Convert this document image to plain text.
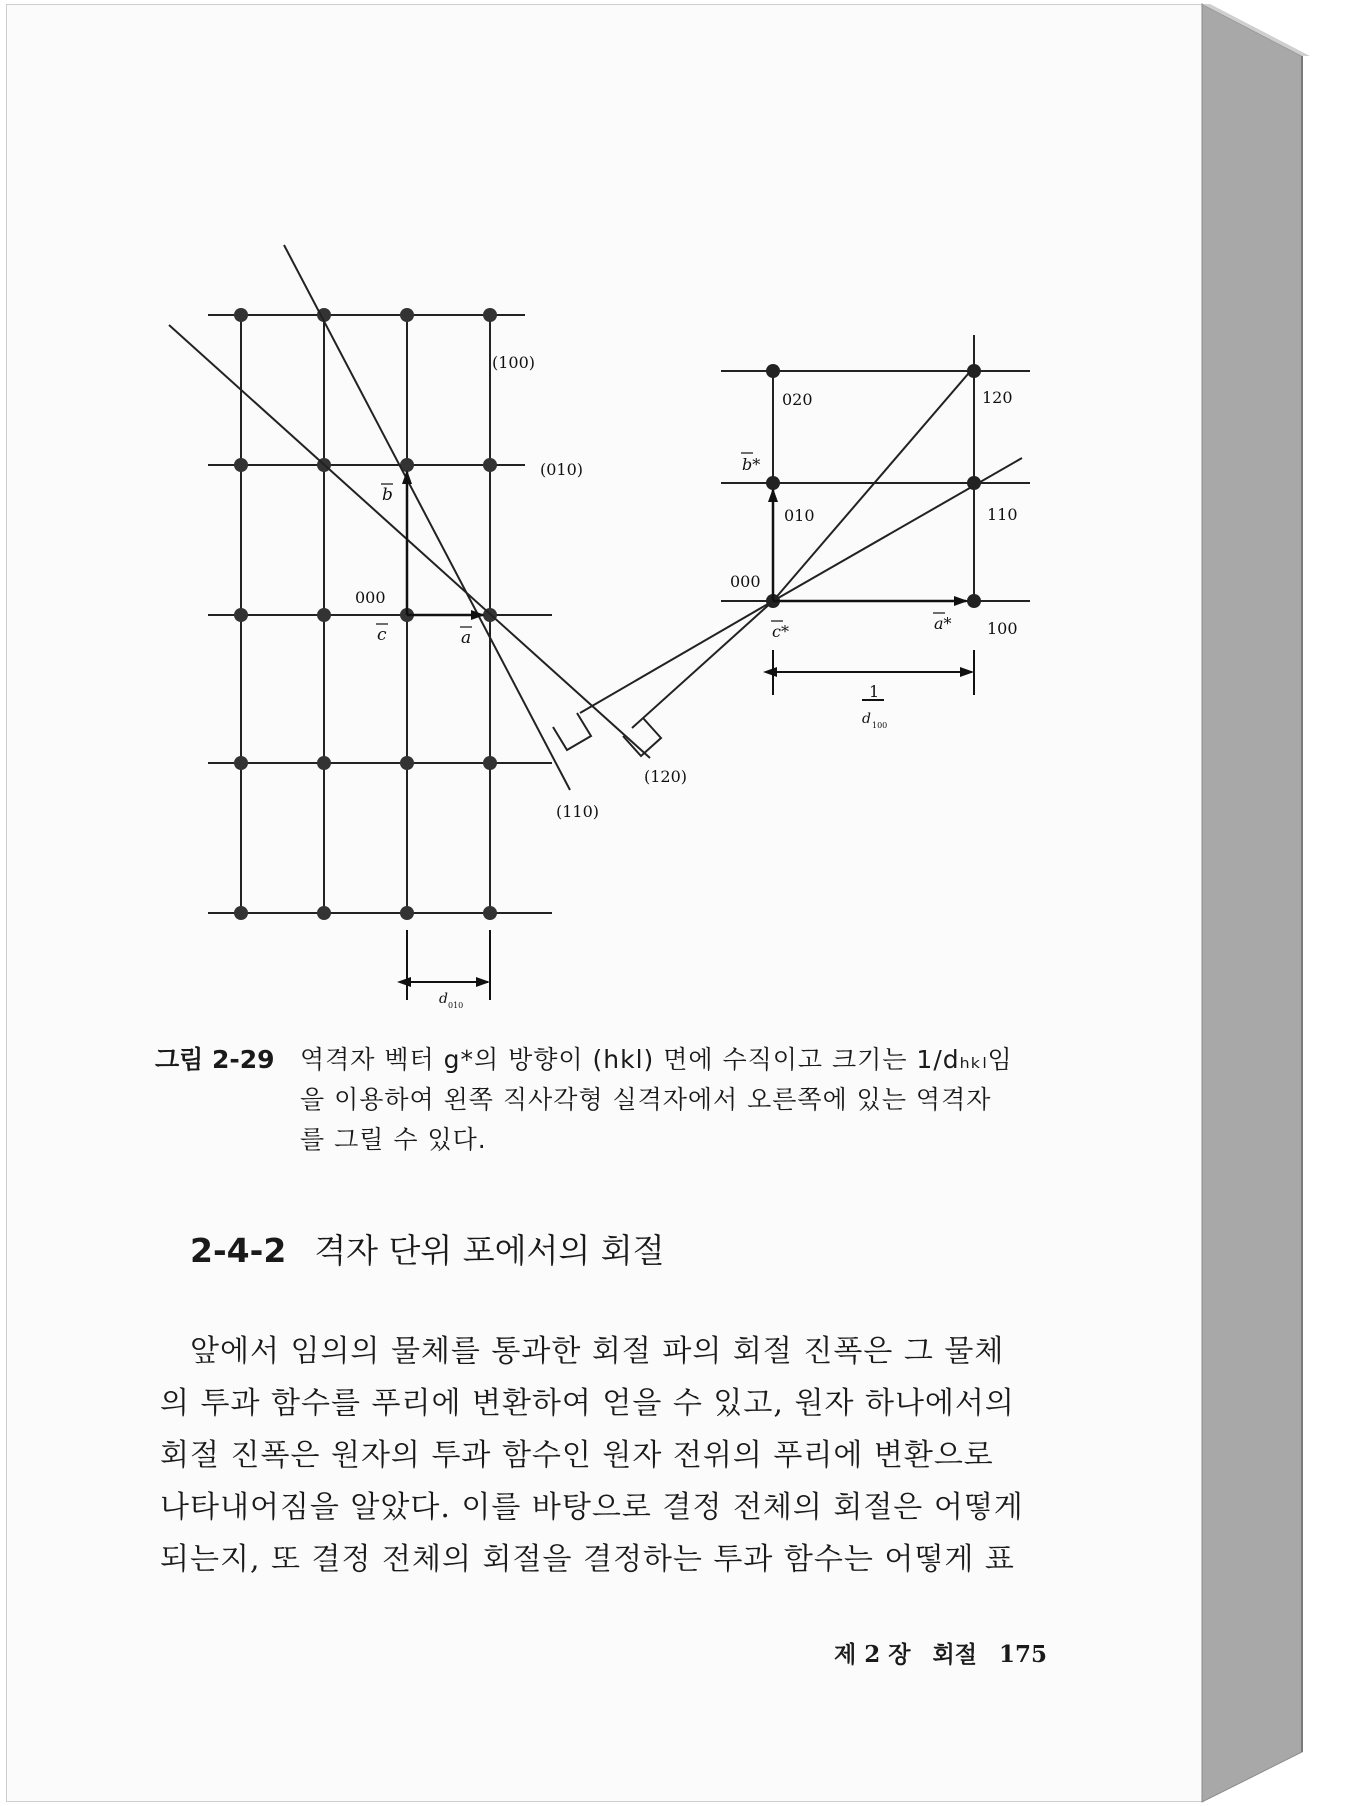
(100)
(010)
(110)
(120)
000
b
c	a
d 010
020	120
010	110
000
100
b*
c*	a*
1
d 100
그림 2-29 역격자 벡터 g*의 방향이 (hkl) 면에 수직이고 크기는 1/dₕₖₗ임
을 이용하여 왼쪽 직사각형 실격자에서 오른쪽에 있는 역격자
를 그릴 수 있다.
2-4-2 격자 단위 포에서의 회절
앞에서 임의의 물체를 통과한 회절 파의 회절 진폭은 그 물체
의 투과 함수를 푸리에 변환하여 얻을 수 있고, 원자 하나에서의
회절 진폭은 원자의 투과 함수인 원자 전위의 푸리에 변환으로
나타내어짐을 알았다. 이를 바탕으로 결정 전체의 회절은 어떻게
되는지, 또 결정 전체의 회절을 결정하는 투과 함수는 어떻게 표
제 2 장 회절 175
